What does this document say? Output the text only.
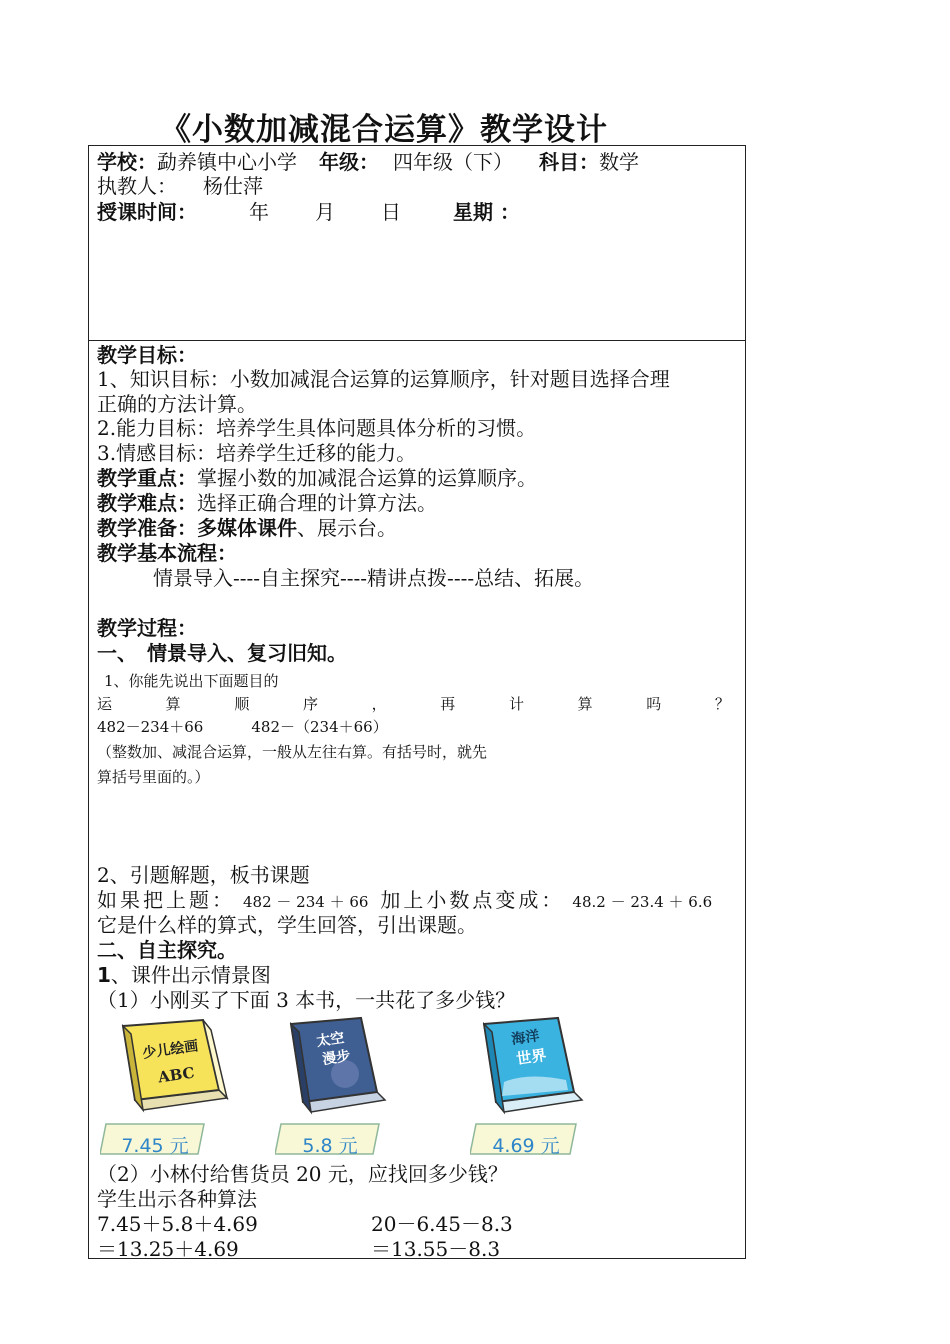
《小数加减混合运算》教学设计
学校：勐养镇中心小学 年级： 四年级（下） 科目：数学
执教人： 杨仕萍
授课时间：	年 月 日	星期 ：
教学目标：
1、知识目标：小数加减混合运算的运算顺序，针对题目选择合理
正确的方法计算。
2.能力目标：培养学生具体问题具体分析的习惯。
3.情感目标：培养学生迁移的能力。
教学重点：掌握小数的加减混合运算的运算顺序。
教学难点：选择正确合理的计算方法。
教学准备：多媒体课件、展示台。
教学基本流程：
情景导入----自主探究----精讲点拨----总结、拓展。
教学过程：
一、　情景导入、复习旧知。
1、你能先说出下面题目的
运	算	顺	序	，	再	计	算	吗	？
482－234＋66	482－（234＋66）
（整数加、减混合运算，一般从左往右算。有括号时，就先
算括号里面的。）
2、引题解题，板书课题
如果把上题： 482 － 234 ＋ 66 加上小数点变成： 48.2 － 23.4 ＋ 6.6
它是什么样的算式，学生回答，引出课题。
二、自主探究。
1、课件出示情景图
（1）小刚买了下面 3 本书，一共花了多少钱？
少儿绘画
ABC
太空
漫步
海洋
世界
7.45 元	5.8 元	4.69 元
（2）小林付给售货员 20 元，应找回多少钱？
学生出示各种算法
7.45＋5.8＋4.69	20－6.45－8.3
＝13.25＋4.69	＝13.55－8.3
